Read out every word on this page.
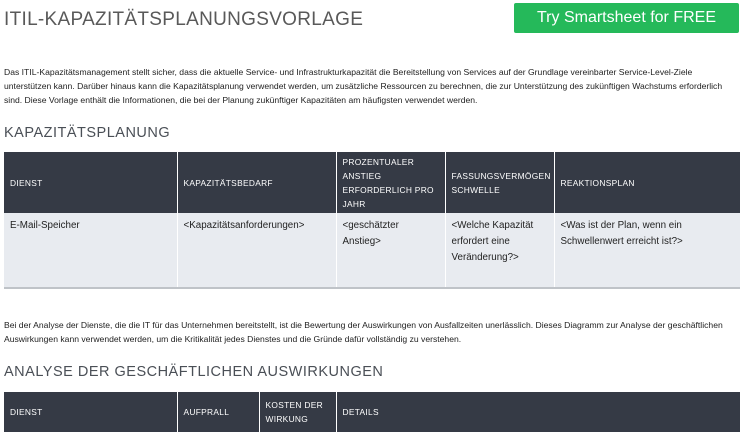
ITIL-KAPAZITÄTSPLANUNGSVORLAGE	Try Smartsheet for FREE

Das ITIL-Kapazitätsmanagement stellt sicher, dass die aktuelle Service- und Infrastrukturkapazität die Bereitstellung von Services auf der Grundlage vereinbarter Service-Level-Ziele unterstützen kann. Darüber hinaus kann die Kapazitätsplanung verwendet werden, um zusätzliche Ressourcen zu berechnen, die zur Unterstützung des zukünftigen Wachstums erforderlich sind. Diese Vorlage enthält die Informationen, die bei der Planung zukünftiger Kapazitäten am häufigsten verwendet werden.

KAPAZITÄTSPLANUNG
DIENST	KAPAZITÄTSBEDARF	PROZENTUALER ANSTIEG ERFORDERLICH PRO JAHR	FASSUNGSVERMÖGEN SCHWELLE	REAKTIONSPLAN
E-Mail-Speicher	<Kapazitätsanforderungen>	<geschätzter Anstieg>	<Welche Kapazität erfordert eine Veränderung?>	<Was ist der Plan, wenn ein Schwellenwert erreicht ist?>

Bei der Analyse der Dienste, die die IT für das Unternehmen bereitstellt, ist die Bewertung der Auswirkungen von Ausfallzeiten unerlässlich. Dieses Diagramm zur Analyse der geschäftlichen Auswirkungen kann verwendet werden, um die Kritikalität jedes Dienstes und die Gründe dafür vollständig zu verstehen.

ANALYSE DER GESCHÄFTLICHEN AUSWIRKUNGEN
DIENST	AUFPRALL	KOSTEN DER WIRKUNG	DETAILS
